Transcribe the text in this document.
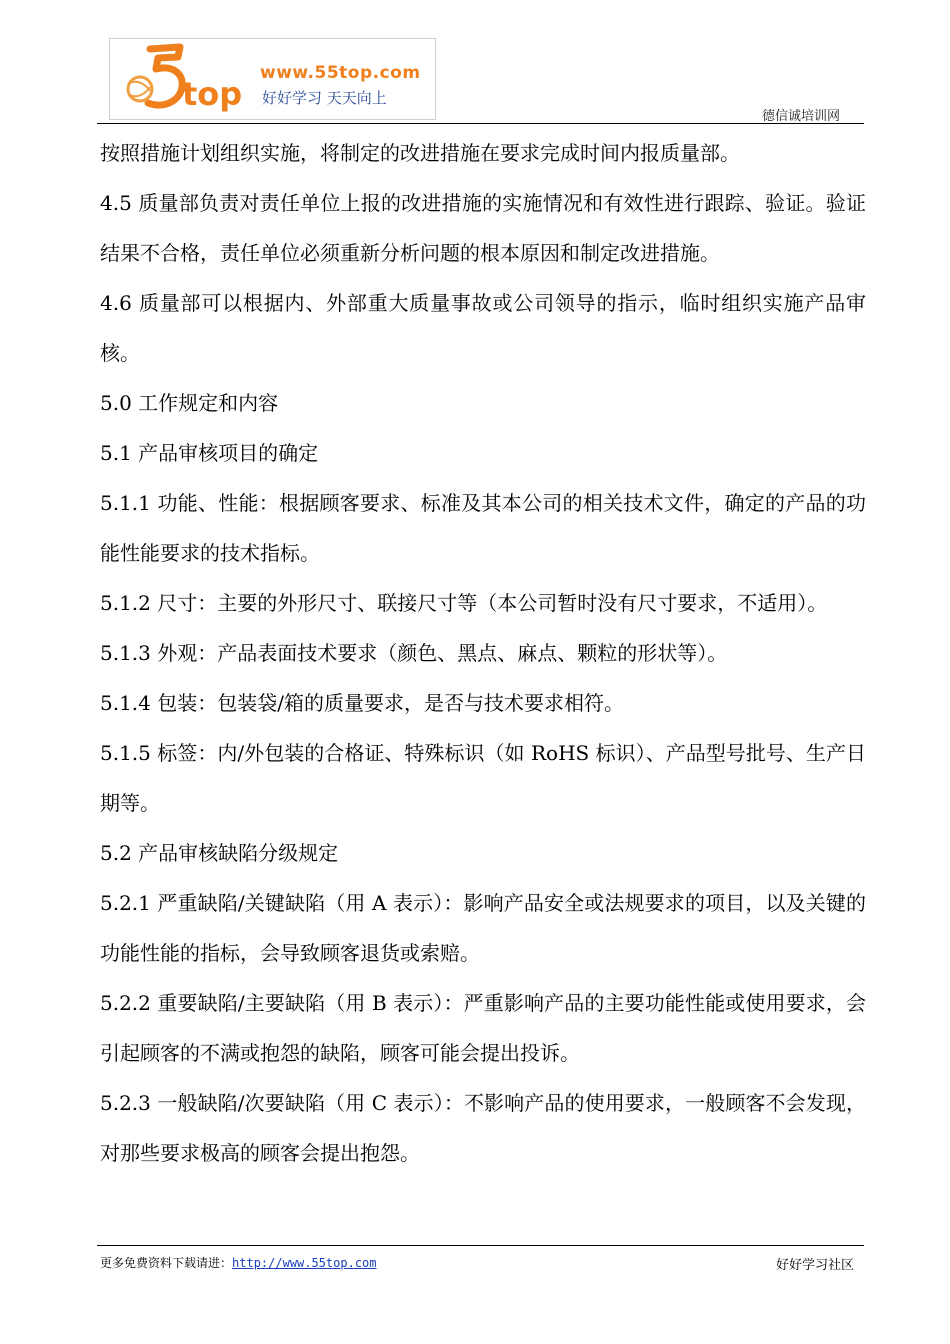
top
www.55top.com
好好学习 天天向上
德信诚培训网

按照措施计划组织实施，将制定的改进措施在要求完成时间内报质量部。

4.5 质量部负责对责任单位上报的改进措施的实施情况和有效性进行跟踪、验证。验证结果不合格，责任单位必须重新分析问题的根本原因和制定改进措施。

4.6 质量部可以根据内、外部重大质量事故或公司领导的指示，临时组织实施产品审核。

5.0 工作规定和内容

5.1 产品审核项目的确定

5.1.1 功能、性能：根据顾客要求、标准及其本公司的相关技术文件，确定的产品的功能性能要求的技术指标。

5.1.2 尺寸：主要的外形尺寸、联接尺寸等（本公司暂时没有尺寸要求，不适用）。

5.1.3 外观：产品表面技术要求（颜色、黑点、麻点、颗粒的形状等）。

5.1.4 包装：包装袋/箱的质量要求，是否与技术要求相符。

5.1.5 标签：内/外包装的合格证、特殊标识（如 RoHS 标识）、产品型号批号、生产日期等。

5.2 产品审核缺陷分级规定

5.2.1 严重缺陷/关键缺陷（用 A 表示）：影响产品安全或法规要求的项目，以及关键的功能性能的指标，会导致顾客退货或索赔。

5.2.2 重要缺陷/主要缺陷（用 B 表示）：严重影响产品的主要功能性能或使用要求，会引起顾客的不满或抱怨的缺陷，顾客可能会提出投诉。

5.2.3 一般缺陷/次要缺陷（用 C 表示）：不影响产品的使用要求，一般顾客不会发现，对那些要求极高的顾客会提出抱怨。

更多免费资料下载请进：http://www.55top.com	好好学习社区
